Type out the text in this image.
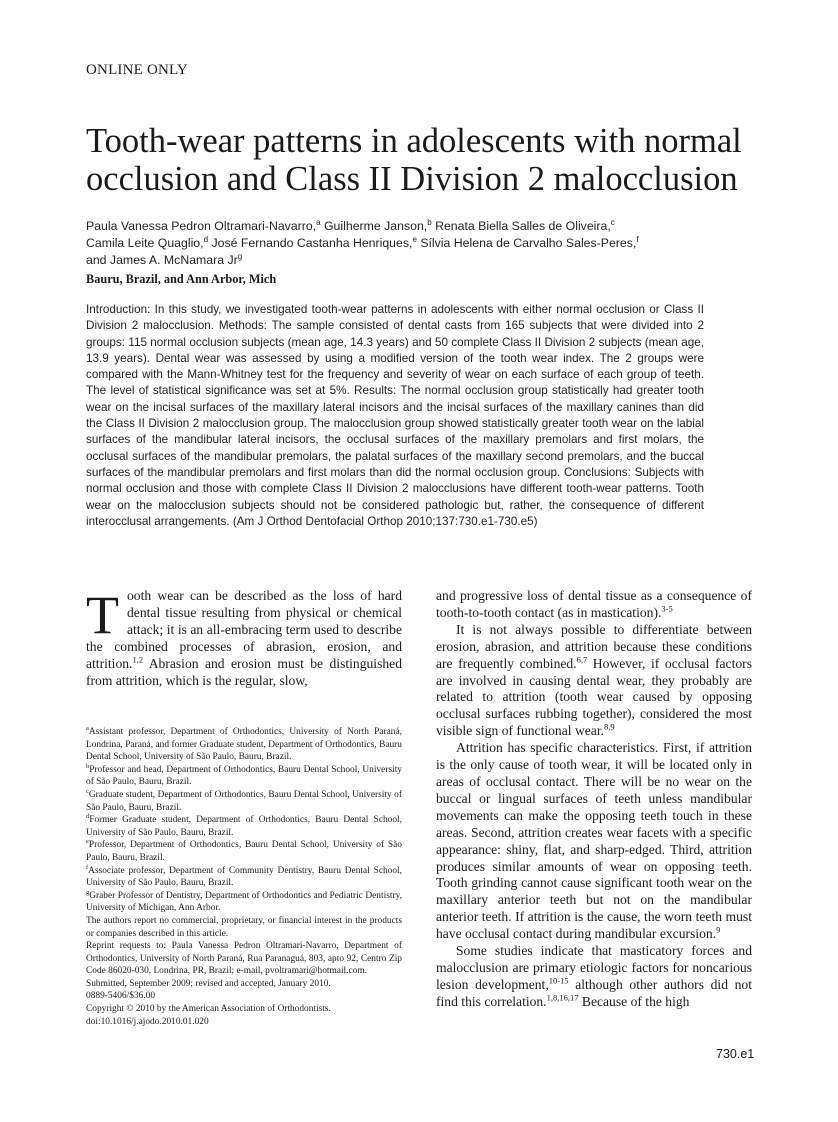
ONLINE ONLY
Tooth-wear patterns in adolescents with normal occlusion and Class II Division 2 malocclusion
Paula Vanessa Pedron Oltramari-Navarro,$^a$ Guilherme Janson,$^b$ Renata Biella Salles de Oliveira,$^c$
Camila Leite Quaglio,$^d$ José Fernando Castanha Henriques,$^e$ Sílvia Helena de Carvalho Sales-Peres,$^f$
and James A. McNamara Jr$^g$
Bauru, Brazil, and Ann Arbor, Mich
Introduction: In this study, we investigated tooth-wear patterns in adolescents with either normal occlusion or Class II Division 2 malocclusion. Methods: The sample consisted of dental casts from 165 subjects that were divided into 2 groups: 115 normal occlusion subjects (mean age, 14.3 years) and 50 complete Class II Division 2 subjects (mean age, 13.9 years). Dental wear was assessed by using a modified version of the tooth wear index. The 2 groups were compared with the Mann-Whitney test for the frequency and severity of wear on each surface of each group of teeth. The level of statistical significance was set at 5%. Results: The normal occlusion group statistically had greater tooth wear on the incisal surfaces of the maxillary lateral incisors and the incisal surfaces of the maxillary canines than did the Class II Division 2 malocclusion group. The malocclusion group showed statistically greater tooth wear on the labial surfaces of the mandibular lateral incisors, the occlusal surfaces of the maxillary premolars and first molars, the occlusal surfaces of the mandibular premolars, the palatal surfaces of the maxillary second premolars, and the buccal surfaces of the mandibular premolars and first molars than did the normal occlusion group. Conclusions: Subjects with normal occlusion and those with complete Class II Division 2 malocclusions have different tooth-wear patterns. Tooth wear on the malocclusion subjects should not be considered pathologic but, rather, the consequence of different interocclusal arrangements. (Am J Orthod Dentofacial Orthop 2010;137:730.e1-730.e5)

Tooth wear can be described as the loss of hard dental tissue resulting from physical or chemical attack; it is an all-embracing term used to describe the combined processes of abrasion, erosion, and attrition.$^{1,2}$ Abrasion and erosion must be distinguished from attrition, which is the regular, slow,

$^a$Assistant professor, Department of Orthodontics, University of North Paraná, Londrina, Paraná, and former Graduate student, Department of Orthodontics, Bauru Dental School, University of São Paulo, Bauru, Brazil.

$^b$Professor and head, Department of Orthodontics, Bauru Dental School, University of São Paulo, Bauru, Brazil.

$^c$Graduate student, Department of Orthodontics, Bauru Dental School, University of São Paulo, Bauru, Brazil.

$^d$Former Graduate student, Department of Orthodontics, Bauru Dental School, University of São Paulo, Bauru, Brazil.

$^e$Professor, Department of Orthodontics, Bauru Dental School, University of São Paulo, Bauru, Brazil.

$^f$Associate professor, Department of Community Dentistry, Bauru Dental School, University of São Paulo, Bauru, Brazil.

$^g$Graber Professor of Dentistry, Department of Orthodontics and Pediatric Dentistry, University of Michigan, Ann Arbor.

The authors report no commercial, proprietary, or financial interest in the products or companies described in this article.

Reprint requests to: Paula Vanessa Pedron Oltramari-Navarro, Department of Orthodontics, University of North Paraná, Rua Paranaguá, 803, apto 92, Centro Zip Code 86020-030, Londrina, PR, Brazil; e-mail, pvoltramari@hotmail.com.

Submitted, September 2009; revised and accepted, January 2010.

0889-5406/$36.00

Copyright © 2010 by the American Association of Orthodontists.

doi:10.1016/j.ajodo.2010.01.020

and progressive loss of dental tissue as a consequence of tooth-to-tooth contact (as in mastication).$^{3-5}$

It is not always possible to differentiate between erosion, abrasion, and attrition because these conditions are frequently combined.$^{6,7}$ However, if occlusal factors are involved in causing dental wear, they probably are related to attrition (tooth wear caused by opposing occlusal surfaces rubbing together), considered the most visible sign of functional wear.$^{8,9}$

Attrition has specific characteristics. First, if attrition is the only cause of tooth wear, it will be located only in areas of occlusal contact. There will be no wear on the buccal or lingual surfaces of teeth unless mandibular movements can make the opposing teeth touch in these areas. Second, attrition creates wear facets with a specific appearance: shiny, flat, and sharp-edged. Third, attrition produces similar amounts of wear on opposing teeth. Tooth grinding cannot cause significant tooth wear on the maxillary anterior teeth but not on the mandibular anterior teeth. If attrition is the cause, the worn teeth must have occlusal contact during mandibular excursion.$^9$

Some studies indicate that masticatory forces and malocclusion are primary etiologic factors for noncarious lesion development,$^{10-15}$ although other authors did not find this correlation.$^{1,8,16,17}$ Because of the high

730.e1
